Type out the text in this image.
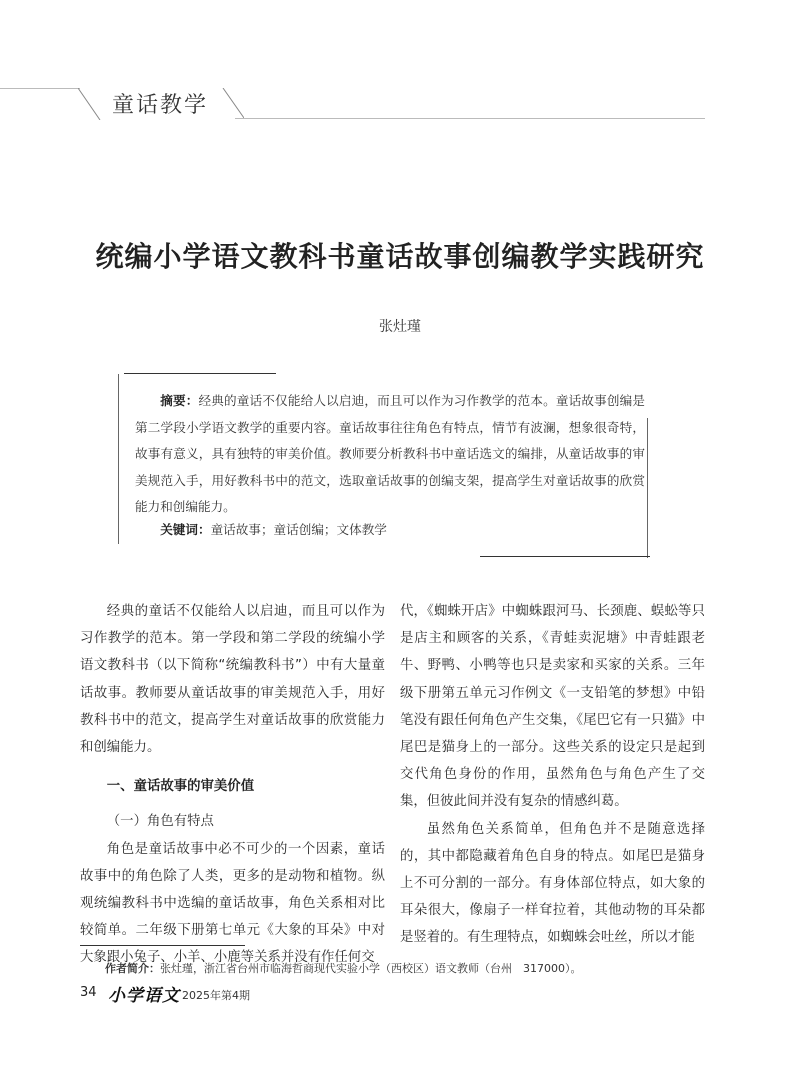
童话教学
统编小学语文教科书童话故事创编教学实践研究
张灶瑾
摘要：经典的童话不仅能给人以启迪，而且可以作为习作教学的范本。童话故事创编是第二学段小学语文教学的重要内容。童话故事往往角色有特点，情节有波澜，想象很奇特，故事有意义，具有独特的审美价值。教师要分析教科书中童话选文的编排，从童话故事的审美规范入手，用好教科书中的范文，选取童话故事的创编支架，提高学生对童话故事的欣赏能力和创编能力。
关键词：童话故事；童话创编；文体教学

经典的童话不仅能给人以启迪，而且可以作为习作教学的范本。第一学段和第二学段的统编小学语文教科书（以下简称“统编教科书”）中有大量童话故事。教师要从童话故事的审美规范入手，用好教科书中的范文，提高学生对童话故事的欣赏能力和创编能力。

一、童话故事的审美价值
（一）角色有特点

角色是童话故事中必不可少的一个因素，童话故事中的角色除了人类，更多的是动物和植物。纵观统编教科书中选编的童话故事，角色关系相对比较简单。二年级下册第七单元《大象的耳朵》中对大象跟小兔子、小羊、小鹿等关系并没有作任何交

代，《蜘蛛开店》中蜘蛛跟河马、长颈鹿、蜈蚣等只是店主和顾客的关系，《青蛙卖泥塘》中青蛙跟老牛、野鸭、小鸭等也只是卖家和买家的关系。三年级下册第五单元习作例文《一支铅笔的梦想》中铅笔没有跟任何角色产生交集，《尾巴它有一只猫》中尾巴是猫身上的一部分。这些关系的设定只是起到交代角色身份的作用，虽然角色与角色产生了交集，但彼此间并没有复杂的情感纠葛。

虽然角色关系简单，但角色并不是随意选择的，其中都隐藏着角色自身的特点。如尾巴是猫身上不可分割的一部分。有身体部位特点，如大象的耳朵很大，像扇子一样耷拉着，其他动物的耳朵都是竖着的。有生理特点，如蜘蛛会吐丝，所以才能

作者简介：张灶瑾，浙江省台州市临海哲商现代实验小学（西校区）语文教师（台州　317000）。
34 小学语文 2025年第4期
